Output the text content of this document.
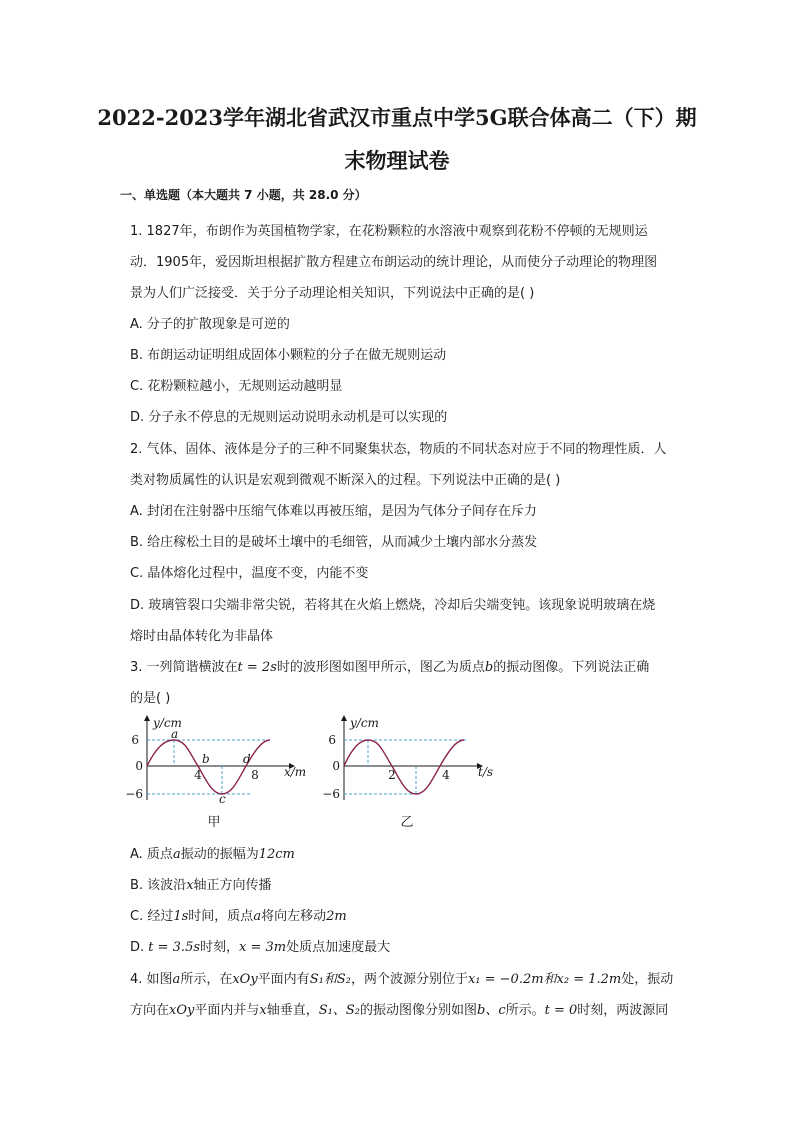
2022-2023学年湖北省武汉市重点中学5G联合体高二（下）期
末物理试卷
一、单选题（本大题共 7 小题，共 28.0 分）
1. 1827年，布朗作为英国植物学家，在花粉颗粒的水溶液中观察到花粉不停顿的无规则运
动．1905年，爱因斯坦根据扩散方程建立布朗运动的统计理论，从而使分子动理论的物理图
景为人们广泛接受．关于分子动理论相关知识，下列说法中正确的是( )
A. 分子的扩散现象是可逆的
B. 布朗运动证明组成固体小颗粒的分子在做无规则运动
C. 花粉颗粒越小，无规则运动越明显
D. 分子永不停息的无规则运动说明永动机是可以实现的
2. 气体、固体、液体是分子的三种不同聚集状态，物质的不同状态对应于不同的物理性质．人
类对物质属性的认识是宏观到微观不断深入的过程。下列说法中正确的是( )
A. 封闭在注射器中压缩气体难以再被压缩，是因为气体分子间存在斥力
B. 给庄稼松土目的是破坏土壤中的毛细管，从而减少土壤内部水分蒸发
C. 晶体熔化过程中，温度不变，内能不变
D. 玻璃管裂口尖端非常尖锐，若将其在火焰上燃烧，冷却后尖端变钝。该现象说明玻璃在烧
熔时由晶体转化为非晶体
3. 一列简谐横波在t = 2s时的波形图如图甲所示，图乙为质点b的振动图像。下列说法正确
的是( )
y/cm
6
0
−6
4	8 x/m
a
b
c
d
甲
y/cm
6
0
−6
2	4 t/s
乙
A. 质点a振动的振幅为12cm
B. 该波沿x轴正方向传播
C. 经过1s时间，质点a将向左移动2m
D. t = 3.5s时刻，x = 3m处质点加速度最大
4. 如图a所示，在xOy平面内有S₁和S₂，两个波源分别位于x₁ = −0.2m和x₂ = 1.2m处，振动
方向在xOy平面内并与x轴垂直，S₁、S₂的振动图像分别如图b、c所示。t = 0时刻，两波源同
